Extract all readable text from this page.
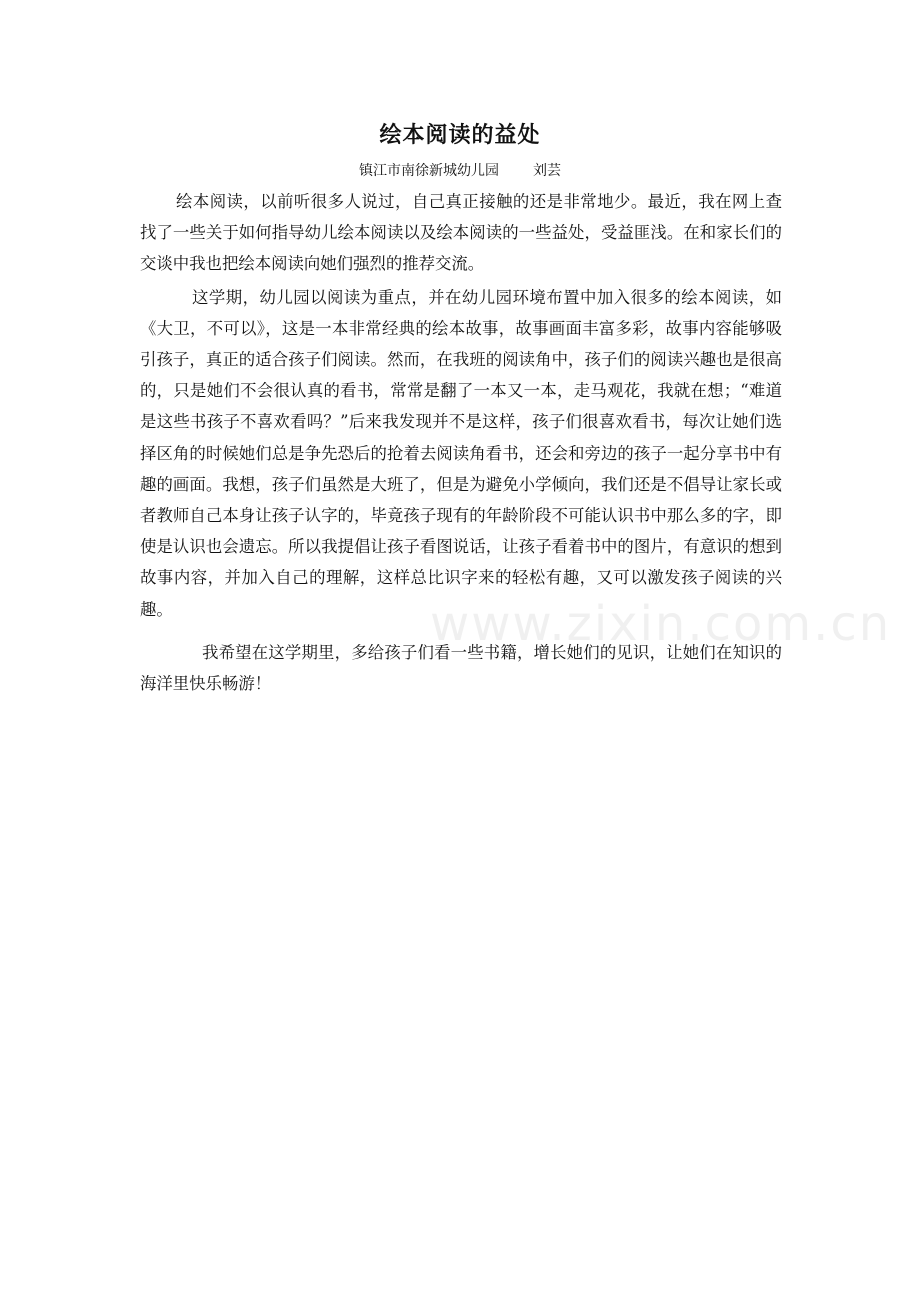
绘本阅读的益处
镇江市南徐新城幼儿园 刘芸

绘本阅读，以前听很多人说过，自己真正接触的还是非常地少。最近，我在网上查找了一些关于如何指导幼儿绘本阅读以及绘本阅读的一些益处，受益匪浅。在和家长们的交谈中我也把绘本阅读向她们强烈的推荐交流。

这学期，幼儿园以阅读为重点，并在幼儿园环境布置中加入很多的绘本阅读，如《大卫，不可以》，这是一本非常经典的绘本故事，故事画面丰富多彩，故事内容能够吸引孩子，真正的适合孩子们阅读。然而，在我班的阅读角中，孩子们的阅读兴趣也是很高的，只是她们不会很认真的看书，常常是翻了一本又一本，走马观花，我就在想；“难道是这些书孩子不喜欢看吗？”后来我发现并不是这样，孩子们很喜欢看书，每次让她们选择区角的时候她们总是争先恐后的抢着去阅读角看书，还会和旁边的孩子一起分享书中有趣的画面。我想，孩子们虽然是大班了，但是为避免小学倾向，我们还是不倡导让家长或者教师自己本身让孩子认字的，毕竟孩子现有的年龄阶段不可能认识书中那么多的字，即使是认识也会遗忘。所以我提倡让孩子看图说话，让孩子看着书中的图片，有意识的想到故事内容，并加入自己的理解，这样总比识字来的轻松有趣，又可以激发孩子阅读的兴趣。

我希望在这学期里，多给孩子们看一些书籍，增长她们的见识，让她们在知识的海洋里快乐畅游！

www.zixin.com.cn
